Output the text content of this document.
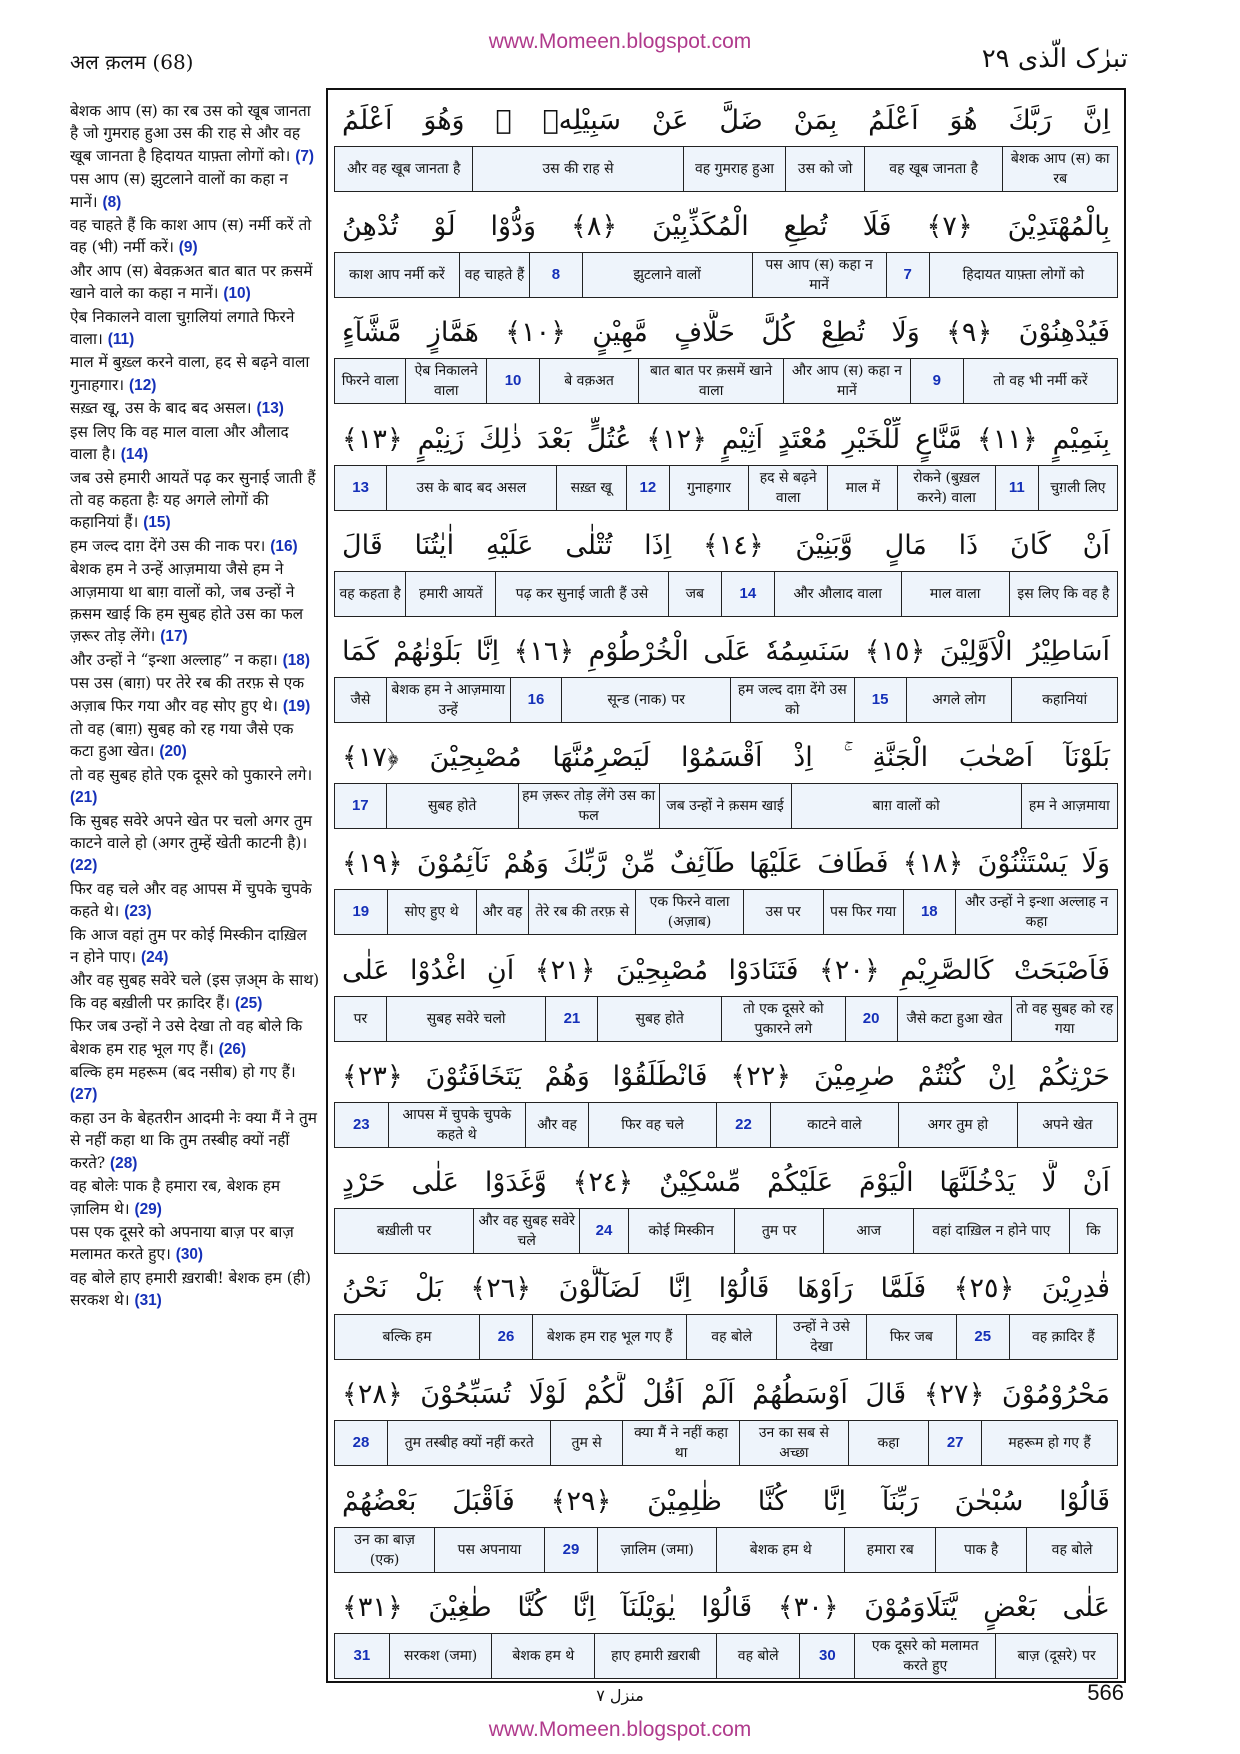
अल क़लम (68)
www.Momeen.blogspot.com
تبرٰک الّذی ۲۹
बेशक आप (स) का रब उस को खूब जानता है जो गुमराह हुआ उस की राह से और वह खूब जानता है हिदायत याफ़्ता लोगों को। (7)
पस आप (स) झुटलाने वालों का कहा न मानें। (8)
वह चाहते हैं कि काश आप (स) नर्मी करें तो वह (भी) नर्मी करें। (9)
और आप (स) बेवक़अत बात बात पर क़समें खाने वाले का कहा न मानें। (10)
ऐब निकालने वाला चुग़लियां लगाते फिरने वाला। (11)
माल में बुख़्ल करने वाला, हद से बढ़ने वाला गुनाहगार। (12)
सख़्त खू, उस के बाद बद असल। (13)
इस लिए कि वह माल वाला और औलाद वाला है। (14)
जब उसे हमारी आयतें पढ़ कर सुनाई जाती हैं तो वह कहता हैः यह अगले लोगों की कहानियां हैं। (15)
हम जल्द दाग़ देंगे उस की नाक पर। (16)
बेशक हम ने उन्हें आज़माया जैसे हम ने आज़माया था बाग़ वालों को, जब उन्हों ने क़सम खाई कि हम सुबह होते उस का फल ज़रूर तोड़ लेंगे। (17)
और उन्हों ने “इन्शा अल्लाह” न कहा। (18)
पस उस (बाग़) पर तेरे रब की तरफ़ से एक अज़ाब फिर गया और वह सोए हुए थे। (19)
तो वह (बाग़) सुबह को रह गया जैसे एक कटा हुआ खेत। (20)
तो वह सुबह होते एक दूसरे को पुकारने लगे। (21)
कि सुबह सवेरे अपने खेत पर चलो अगर तुम काटने वाले हो (अगर तुम्हें खेती काटनी है)। (22)
फिर वह चले और वह आपस में चुपके चुपके कहते थे। (23)
कि आज वहां तुम पर कोई मिस्कीन दाख़िल न होने पाए। (24)
और वह सुबह सवेरे चले (इस ज़अ्म के साथ) कि वह बख़ीली पर क़ादिर हैं। (25)
फिर जब उन्हों ने उसे देखा तो वह बोले कि बेशक हम राह भूल गए हैं। (26)
बल्कि हम महरूम (बद नसीब) हो गए हैं। (27)
कहा उन के बेहतरीन आदमी नेः क्या मैं ने तुम से नहीं कहा था कि तुम तस्बीह क्यों नहीं करते? (28)
वह बोलेः पाक है हमारा रब, बेशक हम ज़ालिम थे। (29)
पस एक दूसरे को अपनाया बाज़ पर बाज़ मलामत करते हुए। (30)
वह बोले हाए हमारी ख़राबी! बेशक हम (ही) सरकश थे। (31)

اِنَّ رَبَّكَ هُوَ اَعْلَمُ بِمَنْ ضَلَّ عَنْ سَبِيْلِهٖ ۪ وَهُوَ اَعْلَمُ
बेशक आप (स) का रब
वह खूब जानता है
उस को जो
वह गुमराह हुआ
उस की राह से
और वह खूब जानता है
بِالْمُهْتَدِيْنَ ﴿٧﴾ فَلَا تُطِعِ الْمُكَذِّبِيْنَ ﴿٨﴾ وَدُّوْا لَوْ تُدْهِنُ
हिदायत याफ़्ता लोगों को
7
पस आप (स) कहा न मानें
झुटलाने वालों
8
वह चाहते हैं
काश आप नर्मी करें
فَيُدْهِنُوْنَ ﴿٩﴾ وَلَا تُطِعْ كُلَّ حَلَّافٍ مَّهِيْنٍ ﴿١٠﴾ هَمَّازٍ مَّشَّآءٍ
तो वह भी नर्मी करें
9
और आप (स) कहा न मानें
बात बात पर क़समें खाने वाला
बे वक़अत
10
ऐब निकालने वाला
फिरने वाला
بِنَمِيْمٍ ﴿١١﴾ مَّنَّاعٍ لِّلْخَيْرِ مُعْتَدٍ اَثِيْمٍ ﴿١٢﴾ عُتُلٍّ بَعْدَ ذٰلِكَ زَنِيْمٍ ﴿١٣﴾
चुग़ली लिए
11
रोकने (बुख़ल करने) वाला
माल में
हद से बढ़ने वाला
गुनाहगार
12
सख़्त खू
उस के बाद बद असल
13
اَنْ كَانَ ذَا مَالٍ وَّبَنِيْنَ ﴿١٤﴾ اِذَا تُتْلٰى عَلَيْهِ اٰيٰتُنَا قَالَ
इस लिए कि वह है
माल वाला
और औलाद वाला
14
जब
पढ़ कर सुनाई जाती हैं उसे
हमारी आयतें
वह कहता है
اَسَاطِيْرُ الْاَوَّلِيْنَ ﴿١٥﴾ سَنَسِمُهٗ عَلَى الْخُرْطُوْمِ ﴿١٦﴾ اِنَّا بَلَوْنٰهُمْ كَمَا
कहानियां
अगले लोग
15
हम जल्द दाग़ देंगे उस को
सून्ड (नाक) पर
16
बेशक हम ने आज़माया उन्हें
जैसे
بَلَوْنَآ اَصْحٰبَ الْجَنَّةِ ۚ اِذْ اَقْسَمُوْا لَيَصْرِمُنَّهَا مُصْبِحِيْنَ ﴿١٧﴾
हम ने आज़माया
बाग़ वालों को
जब उन्हों ने क़सम खाई
हम ज़रूर तोड़ लेंगे उस का फल
सुबह होते
17
وَلَا يَسْتَثْنُوْنَ ﴿١٨﴾ فَطَافَ عَلَيْهَا طَآئِفٌ مِّنْ رَّبِّكَ وَهُمْ نَآئِمُوْنَ ﴿١٩﴾
और उन्हों ने इन्शा अल्लाह न कहा
18
पस फिर गया
उस पर
एक फिरने वाला (अज़ाब)
तेरे रब की तरफ़ से
और वह
सोए हुए थे
19
فَاَصْبَحَتْ كَالصَّرِيْمِ ﴿٢٠﴾ فَتَنَادَوْا مُصْبِحِيْنَ ﴿٢١﴾ اَنِ اغْدُوْا عَلٰى
तो वह सुबह को रह गया
जैसे कटा हुआ खेत
20
तो एक दूसरे को पुकारने लगे
सुबह होते
21
सुबह सवेरे चलो
पर
حَرْثِكُمْ اِنْ كُنْتُمْ صٰرِمِيْنَ ﴿٢٢﴾ فَانْطَلَقُوْا وَهُمْ يَتَخَافَتُوْنَ ﴿٢٣﴾
अपने खेत
अगर तुम हो
काटने वाले
22
फिर वह चले
और वह
आपस में चुपके चुपके कहते थे
23
اَنْ لَّا يَدْخُلَنَّهَا الْيَوْمَ عَلَيْكُمْ مِّسْكِيْنٌ ﴿٢٤﴾ وَّغَدَوْا عَلٰى حَرْدٍ
कि
वहां दाख़िल न होने पाए
आज
तुम पर
कोई मिस्कीन
24
और वह सुबह सवेरे चले
बख़ीली पर
قٰدِرِيْنَ ﴿٢٥﴾ فَلَمَّا رَاَوْهَا قَالُوْٓا اِنَّا لَضَآلُّوْنَ ﴿٢٦﴾ بَلْ نَحْنُ
वह क़ादिर हैं
25
फिर जब
उन्हों ने उसे देखा
वह बोले
बेशक हम राह भूल गए हैं
26
बल्कि हम
مَحْرُوْمُوْنَ ﴿٢٧﴾ قَالَ اَوْسَطُهُمْ اَلَمْ اَقُلْ لَّكُمْ لَوْلَا تُسَبِّحُوْنَ ﴿٢٨﴾
महरूम हो गए हैं
27
कहा
उन का सब से अच्छा
क्या मैं ने नहीं कहा था
तुम से
तुम तस्बीह क्यों नहीं करते
28
قَالُوْا سُبْحٰنَ رَبِّنَآ اِنَّا كُنَّا ظٰلِمِيْنَ ﴿٢٩﴾ فَاَقْبَلَ بَعْضُهُمْ
वह बोले
पाक है
हमारा रब
बेशक हम थे
ज़ालिम (जमा)
29
पस अपनाया
उन का बाज़ (एक)
عَلٰى بَعْضٍ يَّتَلَاوَمُوْنَ ﴿٣٠﴾ قَالُوْا يٰوَيْلَنَآ اِنَّا كُنَّا طٰغِيْنَ ﴿٣١﴾
बाज़ (दूसरे) पर
एक दूसरे को मलामत करते हुए
30
वह बोले
हाए हमारी ख़राबी
बेशक हम थे
सरकश (जमा)
31
منزل ۷	566
www.Momeen.blogspot.com
